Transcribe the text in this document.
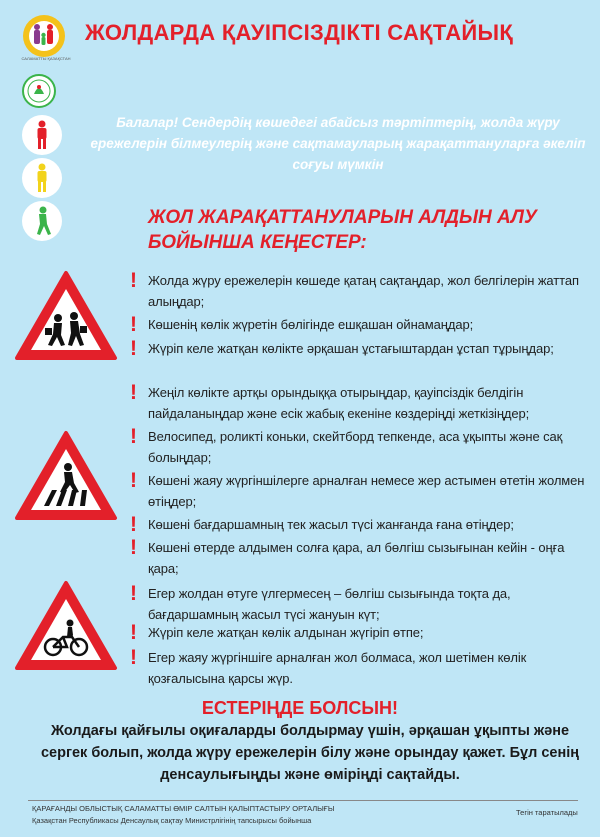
САЛАМАТТЫ ҚАЗАҚСТАН
ЖОЛДАРДА ҚАУІПСІЗДІКТІ САҚТАЙЫҚ
Балалар! Сендердің көшедегі абайсыз тәртіптерің, жолда жүру ережелерін білмеулерің және сақтамауларың жарақаттануларға әкеліп соғуы мүмкін
ЖОЛ ЖАРАҚАТТАНУЛАРЫН АЛДЫН АЛУ
БОЙЫНША КЕҢЕСТЕР:
! Жолда жүру ережелерін көшеде қатаң сақтаңдар, жол белгілерін жаттап алыңдар;
! Көшенің көлік жүретін бөлігінде ешқашан ойнамаңдар;
! Жүріп келе жатқан көлікте әрқашан ұстағыштардан ұстап тұрыңдар;
! Жеңіл көлікте артқы орындыққа отырыңдар, қауіпсіздік белдігін пайдаланыңдар және есік жабық екеніне көздеріңді жеткізіңдер;
! Велосипед, роликті коньки, скейтборд тепкенде, аса ұқыпты және сақ болыңдар;
! Көшені жаяу жүргіншілерге арналған немесе жер астымен өтетін жолмен өтіңдер;
! Көшені бағдаршамның тек жасыл түсі жанғанда ғана өтіңдер;
! Көшені өтерде алдымен солға қара, ал бөлгіш сызығынан кейін - оңға қара;
! Егер жолдан өтуге үлгермесең – бөлгіш сызығында тоқта да, бағдаршамның жасыл түсі жануын күт;
! Жүріп келе жатқан көлік алдынан жүгіріп өтпе;
! Егер жаяу жүргіншіге арналған жол болмаса, жол шетімен көлік қозғалысына қарсы жүр.
ЕСТЕРІҢДЕ БОЛСЫН!
Жолдағы қайғылы оқиғаларды болдырмау үшін, әрқашан ұқыпты және сергек болып, жолда жүру ережелерін білу және орындау қажет. Бұл сенің денсаулығыңды және өміріңді сақтайды.
ҚАРАҒАНДЫ ОБЛЫСТЫҚ САЛАМАТТЫ ӨМІР САЛТЫН ҚАЛЫПТАСТЫРУ ОРТАЛЫҒЫ
Қазақстан Республикасы Денсаулық сақтау Министрлігінің тапсырысы бойынша
Тегін таратылады
